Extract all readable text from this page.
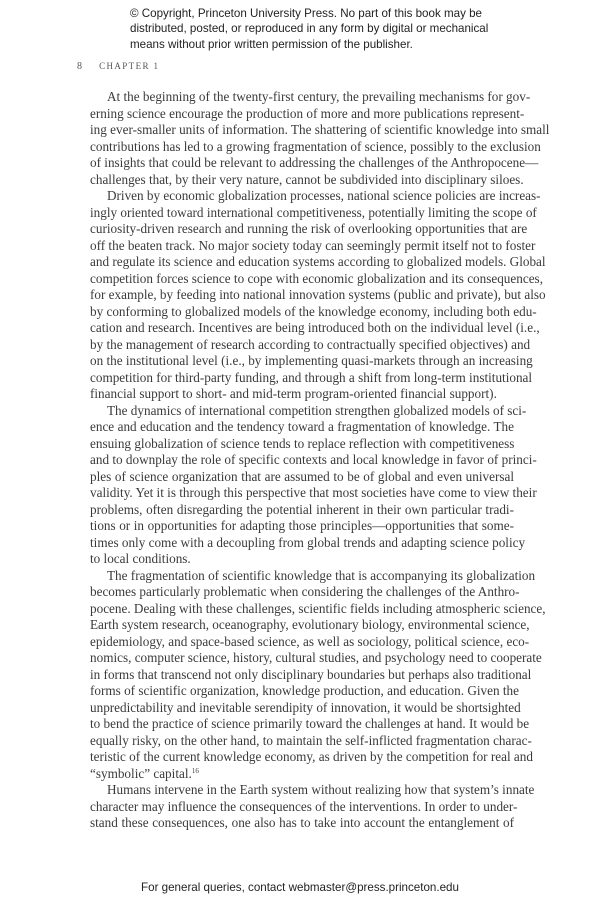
© Copyright, Princeton University Press. No part of this book may be
distributed, posted, or reproduced in any form by digital or mechanical
means without prior written permission of the publisher.
8 CHAPTER 1
At the beginning of the twenty-first century, the prevailing mechanisms for gov-
erning science encourage the production of more and more publications represent-
ing ever-smaller units of information. The shattering of scientific knowledge into small
contributions has led to a growing fragmentation of science, possibly to the exclusion
of insights that could be relevant to addressing the challenges of the Anthropocene—
challenges that, by their very nature, cannot be subdivided into disciplinary siloes.
Driven by economic globalization processes, national science policies are increas-
ingly oriented toward international competitiveness, potentially limiting the scope of
curiosity-driven research and running the risk of overlooking opportunities that are
off the beaten track. No major society today can seemingly permit itself not to foster
and regulate its science and education systems according to globalized models. Global
competition forces science to cope with economic globalization and its consequences,
for example, by feeding into national innovation systems (public and private), but also
by conforming to globalized models of the knowledge economy, including both edu-
cation and research. Incentives are being introduced both on the individual level (i.e.,
by the management of research according to contractually specified objectives) and
on the institutional level (i.e., by implementing quasi-markets through an increasing
competition for third-party funding, and through a shift from long-term institutional
financial support to short- and mid-term program-oriented financial support).
The dynamics of international competition strengthen globalized models of sci-
ence and education and the tendency toward a fragmentation of knowledge. The
ensuing globalization of science tends to replace reflection with competitiveness
and to downplay the role of specific contexts and local knowledge in favor of princi-
ples of science organization that are assumed to be of global and even universal
validity. Yet it is through this perspective that most societies have come to view their
problems, often disregarding the potential inherent in their own particular tradi-
tions or in opportunities for adapting those principles—opportunities that some-
times only come with a decoupling from global trends and adapting science policy
to local conditions.
The fragmentation of scientific knowledge that is accompanying its globalization
becomes particularly problematic when considering the challenges of the Anthro-
pocene. Dealing with these challenges, scientific fields including atmospheric science,
Earth system research, oceanography, evolutionary biology, environmental science,
epidemiology, and space-based science, as well as sociology, political science, eco-
nomics, computer science, history, cultural studies, and psychology need to cooperate
in forms that transcend not only disciplinary boundaries but perhaps also traditional
forms of scientific organization, knowledge production, and education. Given the
unpredictability and inevitable serendipity of innovation, it would be shortsighted
to bend the practice of science primarily toward the challenges at hand. It would be
equally risky, on the other hand, to maintain the self-inflicted fragmentation charac-
teristic of the current knowledge economy, as driven by the competition for real and
“symbolic” capital.$^{16}$
Humans intervene in the Earth system without realizing how that system’s innate
character may influence the consequences of the interventions. In order to under-
stand these consequences, one also has to take into account the entanglement of
For general queries, contact webmaster@press.princeton.edu
